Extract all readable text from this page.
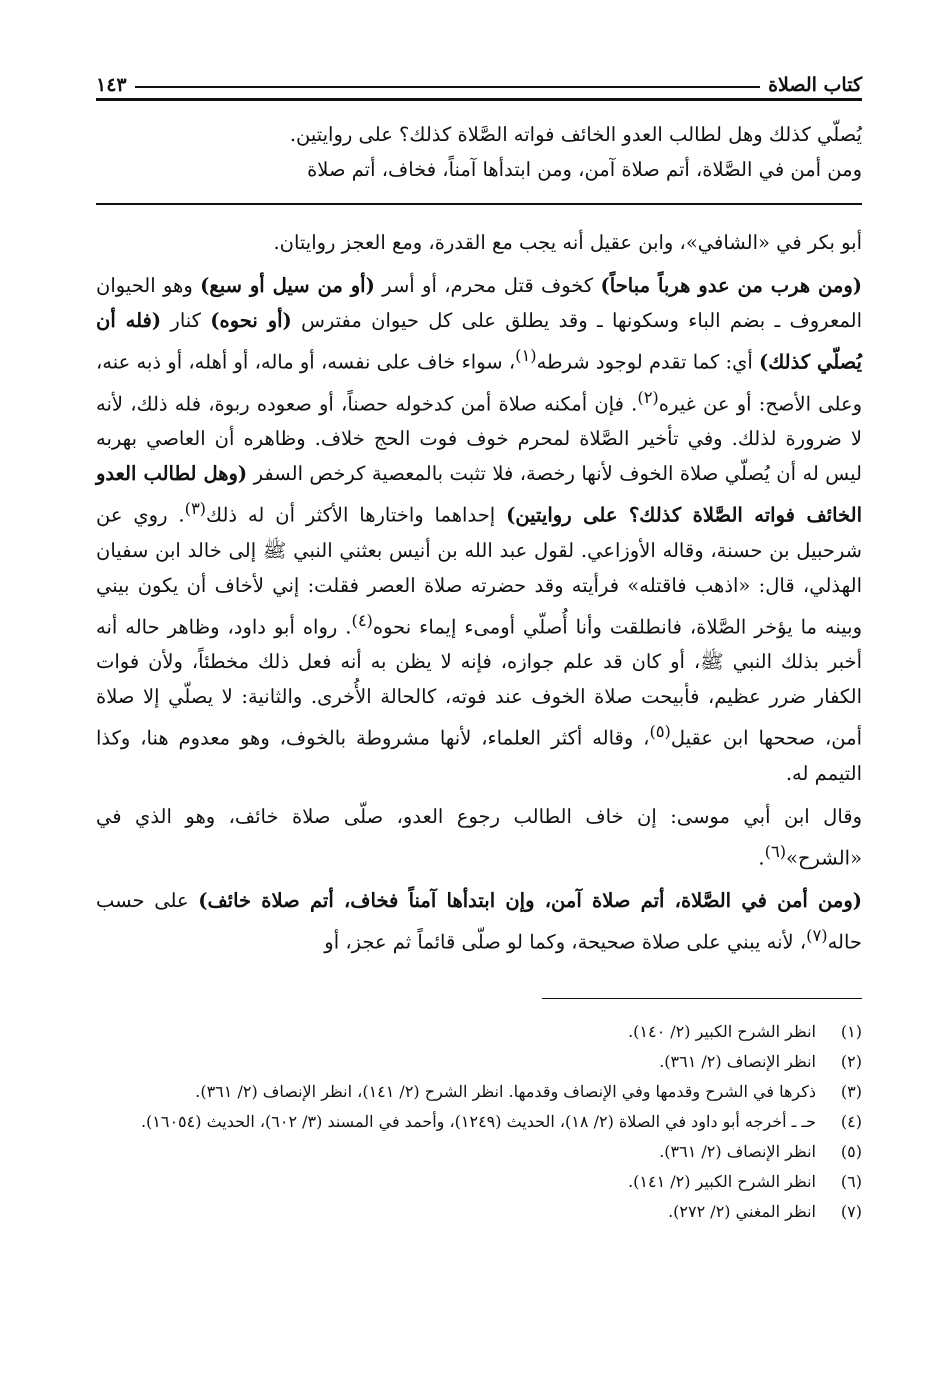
كتاب الصلاة
١٤٣

يُصلّي كذلك وهل لطالب العدو الخائف فواته الصَّلاة كذلك؟ على روايتين.

ومن أمن في الصَّلاة، أتم صلاة آمن، ومن ابتدأها آمناً، فخاف، أتم صلاة

أبو بكر في «الشافي»، وابن عقيل أنه يجب مع القدرة، ومع العجز روايتان.

(ومن هرب من عدو هرباً مباحاً) كخوف قتل محرم، أو أسر (أو من سيل أو سبع) وهو الحيوان المعروف ـ بضم الباء وسكونها ـ وقد يطلق على كل حيوان مفترس (أو نحوه) كنار (فله أن يُصلّي كذلك) أي: كما تقدم لوجود شرطه$^{(١)}$، سواء خاف على نفسه، أو ماله، أو أهله، أو ذبه عنه، وعلى الأصح: أو عن غيره$^{(٢)}$. فإن أمكنه صلاة أمن كدخوله حصناً، أو صعوده ربوة، فله ذلك، لأنه لا ضرورة لذلك. وفي تأخير الصَّلاة لمحرم خوف فوت الحج خلاف. وظاهره أن العاصي بهربه ليس له أن يُصلّي صلاة الخوف لأنها رخصة، فلا تثبت بالمعصية كرخص السفر (وهل لطالب العدو الخائف فواته الصَّلاة كذلك؟ على روايتين) إحداهما واختارها الأكثر أن له ذلك$^{(٣)}$. روي عن شرحبيل بن حسنة، وقاله الأوزاعي. لقول عبد الله بن أنيس بعثني النبي ﷺ إلى خالد ابن سفيان الهذلي، قال: «اذهب فاقتله» فرأيته وقد حضرته صلاة العصر فقلت: إني لأخاف أن يكون بيني وبينه ما يؤخر الصَّلاة، فانطلقت وأنا أُصلّي أومىء إيماء نحوه$^{(٤)}$. رواه أبو داود، وظاهر حاله أنه أخبر بذلك النبي ﷺ، أو كان قد علم جوازه، فإنه لا يظن به أنه فعل ذلك مخطئاً، ولأن فوات الكفار ضرر عظيم، فأبيحت صلاة الخوف عند فوته، كالحالة الأُخرى. والثانية: لا يصلّي إلا صلاة أمن، صححها ابن عقيل$^{(٥)}$، وقاله أكثر العلماء، لأنها مشروطة بالخوف، وهو معدوم هنا، وكذا التيمم له.

وقال ابن أبي موسى: إن خاف الطالب رجوع العدو، صلّى صلاة خائف، وهو الذي في «الشرح»$^{(٦)}$.

(ومن أمن في الصَّلاة، أتم صلاة آمن، وإن ابتدأها آمناً فخاف، أتم صلاة خائف) على حسب حاله$^{(٧)}$، لأنه يبني على صلاة صحيحة، وكما لو صلّى قائماً ثم عجز، أو

(١)
انظر الشرح الكبير (٢/ ١٤٠).
(٢)
انظر الإنصاف (٢/ ٣٦١).
(٣)
ذكرها في الشرح وقدمها وفي الإنصاف وقدمها. انظر الشرح (٢/ ١٤١)، انظر الإنصاف (٢/ ٣٦١).
(٤)
حـ ـ أخرجه أبو داود في الصلاة (٢/ ١٨)، الحديث (١٢٤٩)، وأحمد في المسند (٣/ ٦٠٢)، الحديث (١٦٠٥٤).
(٥)
انظر الإنصاف (٢/ ٣٦١).
(٦)
انظر الشرح الكبير (٢/ ١٤١).
(٧)
انظر المغني (٢/ ٢٧٢).
